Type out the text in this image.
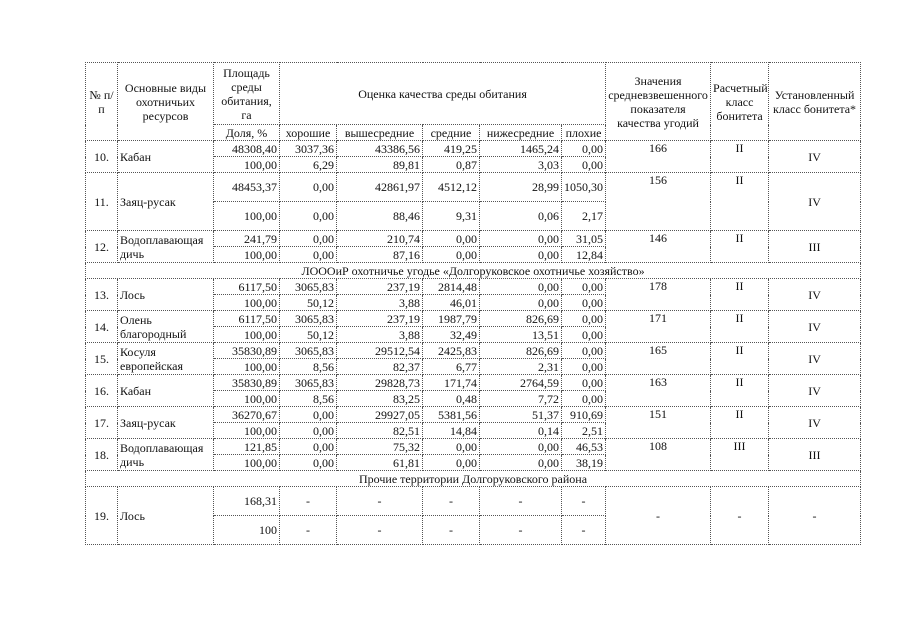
№ п/п	Основные виды охотничьих ресурсов	Площадь среды обитания, га	Оценка качества среды обитания					Значения средневзвешенного показателя качества угодий	Расчетный класс бонитета	Установленный класс бонитета*
		Доля, %	хорошие	вышесредние	средние	нижесредние	плохие			
10.	Кабан	48308,40	3037,36	43386,56	419,25	1465,24	0,00	166	II	IV
		100,00	6,29	89,81	0,87	3,03	0,00			
11.	Заяц-русак	48453,37	0,00	42861,97	4512,12	28,99	1050,30	156	II	IV
		100,00	0,00	88,46	9,31	0,06	2,17			
12.	Водоплавающая дичь	241,79	0,00	210,74	0,00	0,00	31,05	146	II	III
		100,00	0,00	87,16	0,00	0,00	12,84			
ЛОООиР охотничье угодье «Долгоруковское охотничье хозяйство»										
13.	Лось	6117,50	3065,83	237,19	2814,48	0,00	0,00	178	II	IV
		100,00	50,12	3,88	46,01	0,00	0,00			
14.	Олень благородный	6117,50	3065,83	237,19	1987,79	826,69	0,00	171	II	IV
		100,00	50,12	3,88	32,49	13,51	0,00			
15.	Косуля европейская	35830,89	3065,83	29512,54	2425,83	826,69	0,00	165	II	IV
		100,00	8,56	82,37	6,77	2,31	0,00			
16.	Кабан	35830,89	3065,83	29828,73	171,74	2764,59	0,00	163	II	IV
		100,00	8,56	83,25	0,48	7,72	0,00			
17.	Заяц-русак	36270,67	0,00	29927,05	5381,56	51,37	910,69	151	II	IV
		100,00	0,00	82,51	14,84	0,14	2,51			
18.	Водоплавающая дичь	121,85	0,00	75,32	0,00	0,00	46,53	108	III	III
		100,00	0,00	61,81	0,00	0,00	38,19			
Прочие территории Долгоруковского района										
19.	Лось	168,31	-	-	-	-	-	-	-	-
		100	-	-	-	-	-			
